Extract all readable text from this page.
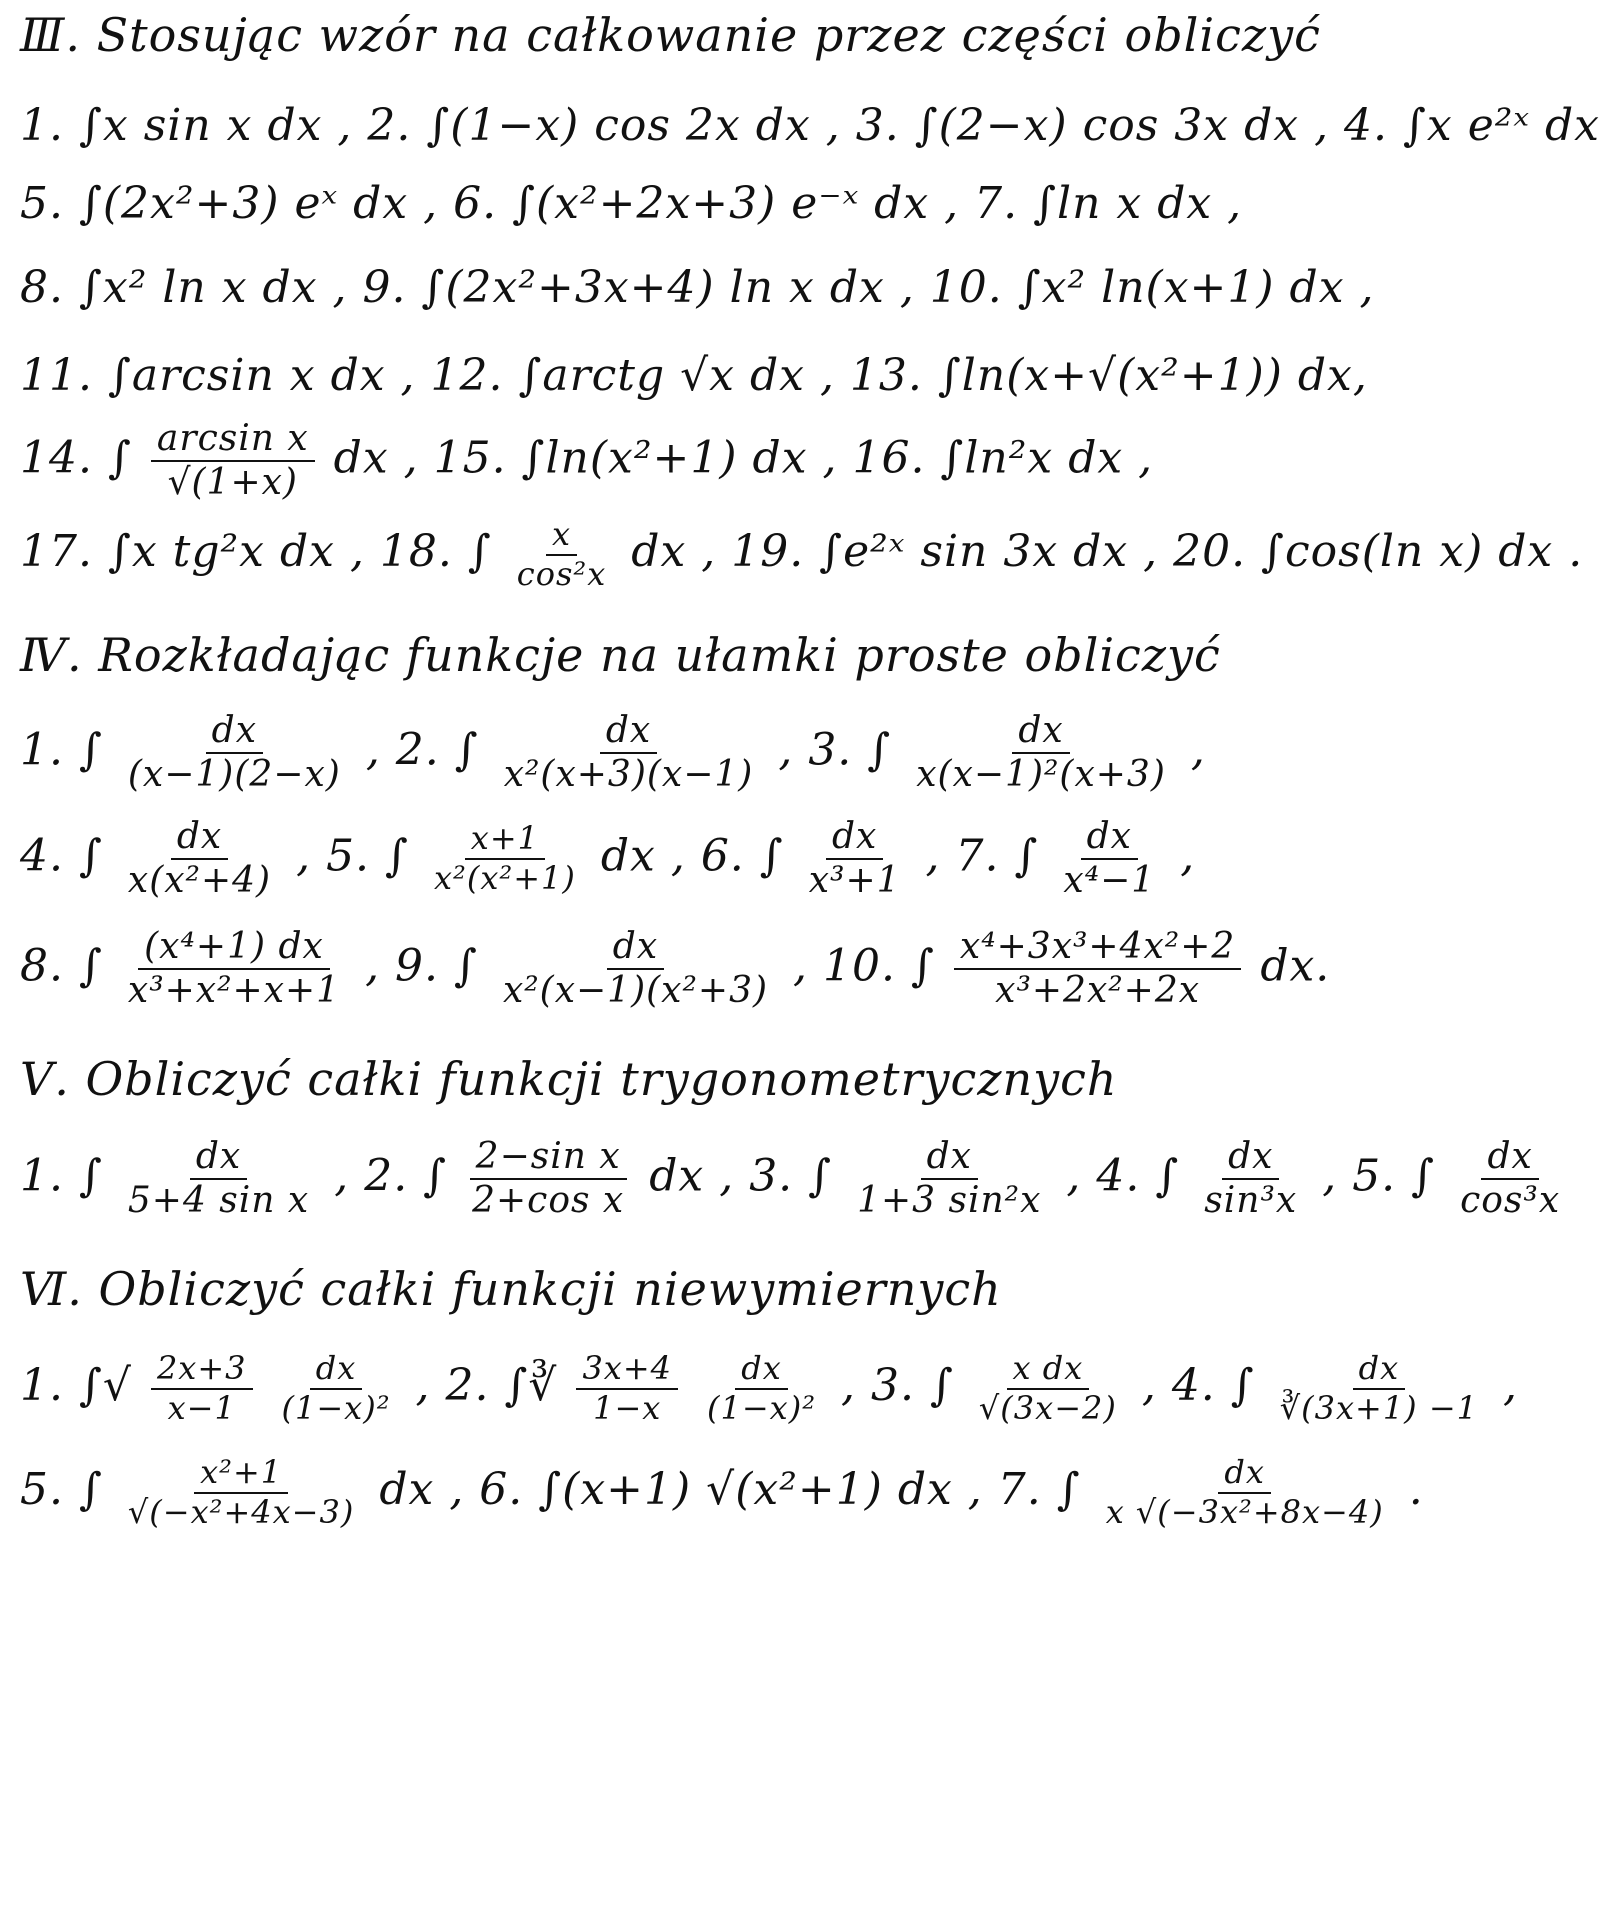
Ⅲ. Stosując wzór na całkowanie przez części obliczyć
1. ∫x sin x dx , 2. ∫(1−x) cos 2x dx , 3. ∫(2−x) cos 3x dx , 4. ∫x e²ˣ dx
5. ∫(2x²+3) eˣ dx , 6. ∫(x²+2x+3) e⁻ˣ dx , 7. ∫ln x dx ,
8. ∫x² ln x dx , 9. ∫(2x²+3x+4) ln x dx , 10. ∫x² ln(x+1) dx ,
11. ∫arcsin x dx , 12. ∫arctg √x dx , 13. ∫ln(x+√(x²+1)) dx,
14. ∫ $\frac{\text{arcsin x}}{√(1+x)}$ dx , 15. ∫ln(x²+1) dx , 16. ∫ln²x dx ,
17. ∫x tg²x dx , 18. ∫ $\frac{x}{\text{cos²x}}$ dx , 19. ∫e²ˣ sin 3x dx , 20. ∫cos(ln x) dx .
Ⅳ. Rozkładając funkcje na ułamki proste obliczyć
1. ∫ $\frac{dx}{(x-1)(2-x)}$ , 2. ∫ $\frac{dx}{\text{x²(x+3)(x−1)}}$ , 3. ∫ $\frac{dx}{\text{x(x−1)²(x+3)}}$ ,
4. ∫ $\frac{dx}{\text{x(x²+4)}}$ , 5. ∫ $\frac{x+1}{\text{x²(x²+1)}}$ dx , 6. ∫ $\frac{dx}{\text{x³+1}}$ , 7. ∫ $\frac{dx}{\text{x⁴−1}}$ ,
8. ∫ $\frac{\text{(x⁴+1) dx}}{\text{x³+x²+x+1}}$ , 9. ∫ $\frac{dx}{\text{x²(x−1)(x²+3)}}$ , 10. ∫ $\frac{\text{x⁴+3x³+4x²+2}}{\text{x³+2x²+2x}}$ dx.
Ⅴ. Obliczyć całki funkcji trygonometrycznych
1. ∫ $\frac{dx}{\text{5+4 sin x}}$ , 2. ∫ $\frac{\text{2−sin x}}{\text{2+cos x}}$ dx , 3. ∫ $\frac{dx}{\text{1+3 sin²x}}$ , 4. ∫ $\frac{dx}{\text{sin³x}}$ , 5. ∫ $\frac{dx}{\text{cos³x}}$
Ⅵ. Obliczyć całki funkcji niewymiernych
1. ∫√ $\frac{2x+3}{x-1}$
$\frac{dx}{\text{(1−x)²}}$ , 2. ∫∛ $\frac{3x+4}{1-x}$
$\frac{dx}{\text{(1−x)²}}$ , 3. ∫ $\frac{\text{x dx}}{√(3x-2)}$ , 4. ∫ $\frac{dx}{∛(3x+1) -1}$ ,
5. ∫ $\frac{\text{x²+1}}{\text{√(−x²+4x−3)}}$ dx , 6. ∫(x+1) √(x²+1) dx , 7. ∫ $\frac{dx}{\text{x √(−3x²+8x−4)}}$ .
